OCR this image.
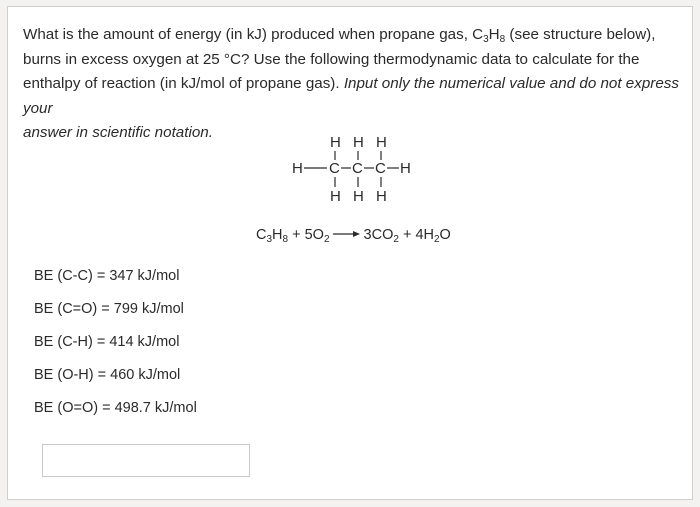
What is the amount of energy (in kJ) produced when propane gas, $C_3H_8$ (see structure below),
burns in excess oxygen at 25 °C? Use the following thermodynamic data to calculate for the
enthalpy of reaction (in kJ/mol of propane gas). Input only the numerical value and do not express your
answer in scientific notation.
H H H
H C C C H
H H H
$C_3H_8 + 5O_2 \to 3CO_2 + 4H_2O$
BE (C-C) = 347 kJ/mol
BE (C=O) = 799 kJ/mol
BE (C-H) = 414 kJ/mol
BE (O-H) = 460 kJ/mol
BE (O=O) = 498.7 kJ/mol
